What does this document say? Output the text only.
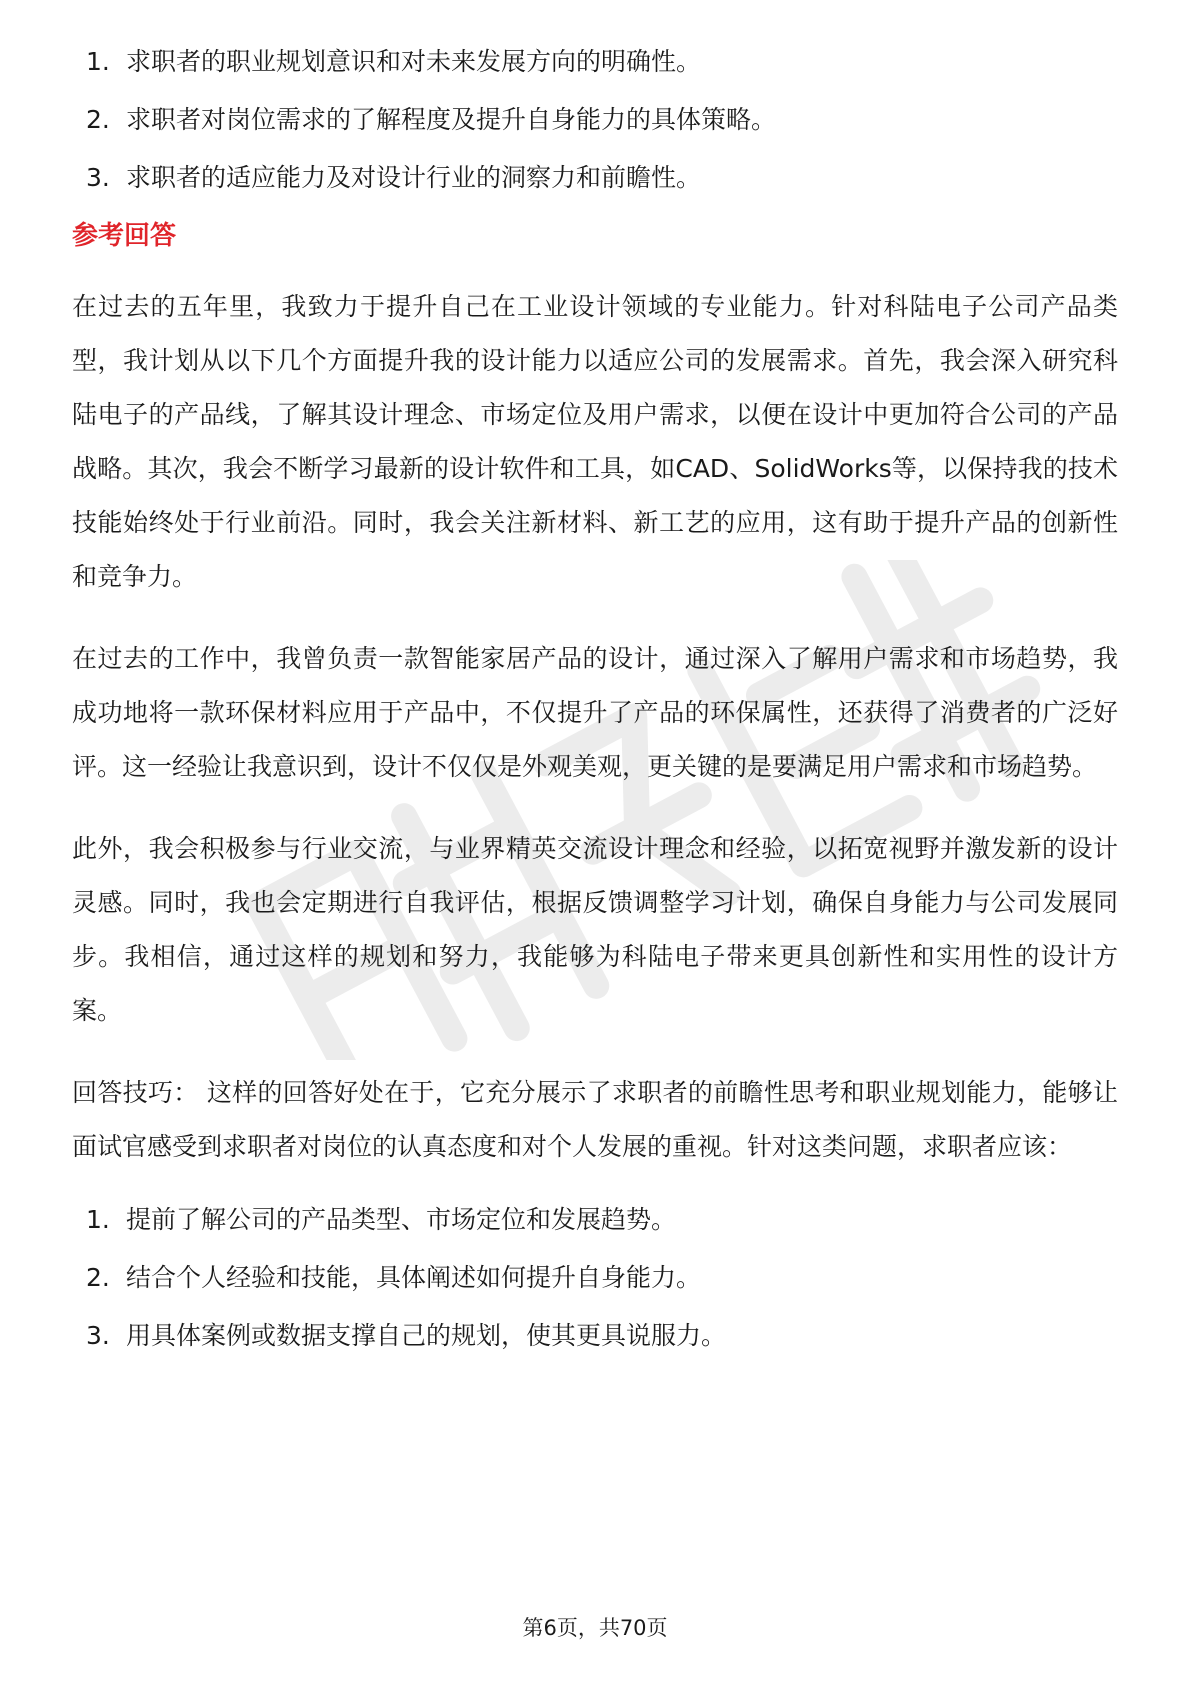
1. 求职者的职业规划意识和对未来发展方向的明确性。
2. 求职者对岗位需求的了解程度及提升自身能力的具体策略。
3. 求职者的适应能力及对设计行业的洞察力和前瞻性。
参考回答

在过去的五年里，我致力于提升自己在工业设计领域的专业能力。针对科陆电子公司产品类型，我计划从以下几个方面提升我的设计能力以适应公司的发展需求。首先，我会深入研究科陆电子的产品线，了解其设计理念、市场定位及用户需求，以便在设计中更加符合公司的产品战略。其次，我会不断学习最新的设计软件和工具，如CAD、SolidWorks等，以保持我的技术技能始终处于行业前沿。同时，我会关注新材料、新工艺的应用，这有助于提升产品的创新性和竞争力。

在过去的工作中，我曾负责一款智能家居产品的设计，通过深入了解用户需求和市场趋势，我成功地将一款环保材料应用于产品中，不仅提升了产品的环保属性，还获得了消费者的广泛好评。这一经验让我意识到，设计不仅仅是外观美观，更关键的是要满足用户需求和市场趋势。

此外，我会积极参与行业交流，与业界精英交流设计理念和经验，以拓宽视野并激发新的设计灵感。同时，我也会定期进行自我评估，根据反馈调整学习计划，确保自身能力与公司发展同步。我相信，通过这样的规划和努力，我能够为科陆电子带来更具创新性和实用性的设计方案。

回答技巧： 这样的回答好处在于，它充分展示了求职者的前瞻性思考和职业规划能力，能够让面试官感受到求职者对岗位的认真态度和对个人发展的重视。针对这类问题，求职者应该：

1. 提前了解公司的产品类型、市场定位和发展趋势。
2. 结合个人经验和技能，具体阐述如何提升自身能力。
3. 用具体案例或数据支撑自己的规划，使其更具说服力。
第6页，共70页
